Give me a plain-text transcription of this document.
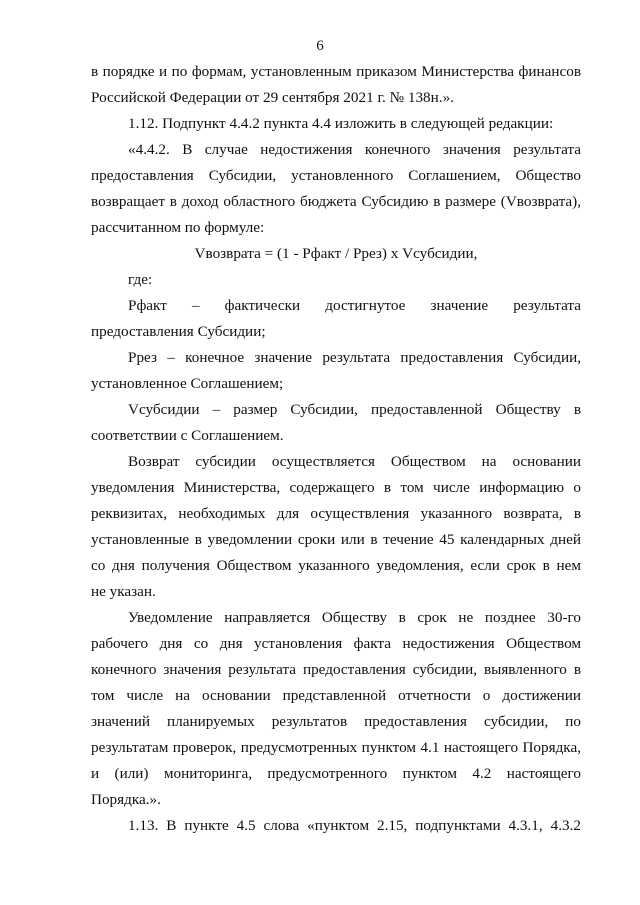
6
в порядке и по формам, установленным приказом Министерства финансов
Российской Федерации от 29 сентября 2021 г. № 138н.».
1.12. Подпункт 4.4.2 пункта 4.4 изложить в следующей редакции:
«4.4.2. В случае недостижения конечного значения результата
предоставления Субсидии, установленного Соглашением, Общество
возвращает в доход областного бюджета Субсидию в размере (Vвозврата),
рассчитанном по формуле:
Vвозврата = (1 - Рфакт / Рpез) х Vсубсидии,
где:
Рфакт – фактически достигнутое значение результата
предоставления Субсидии;
Рpез – конечное значение результата предоставления Субсидии,
установленное Соглашением;
Vсубсидии – размер Субсидии, предоставленной Обществу в
соответствии с Соглашением.
Возврат субсидии осуществляется Обществом на основании
уведомления Министерства, содержащего в том числе информацию о
реквизитах, необходимых для осуществления указанного возврата, в
установленные в уведомлении сроки или в течение 45 календарных дней
со дня получения Обществом указанного уведомления, если срок в нем
не указан.
Уведомление направляется Обществу в срок не позднее 30-го
рабочего дня со дня установления факта недостижения Обществом
конечного значения результата предоставления субсидии, выявленного в
том числе на основании представленной отчетности о достижении
значений планируемых результатов предоставления субсидии, по
результатам проверок, предусмотренных пунктом 4.1 настоящего Порядка,
и (или) мониторинга, предусмотренного пунктом 4.2 настоящего
Порядка.».
1.13. В пункте 4.5 слова «пунктом 2.15, подпунктами 4.3.1, 4.3.2
